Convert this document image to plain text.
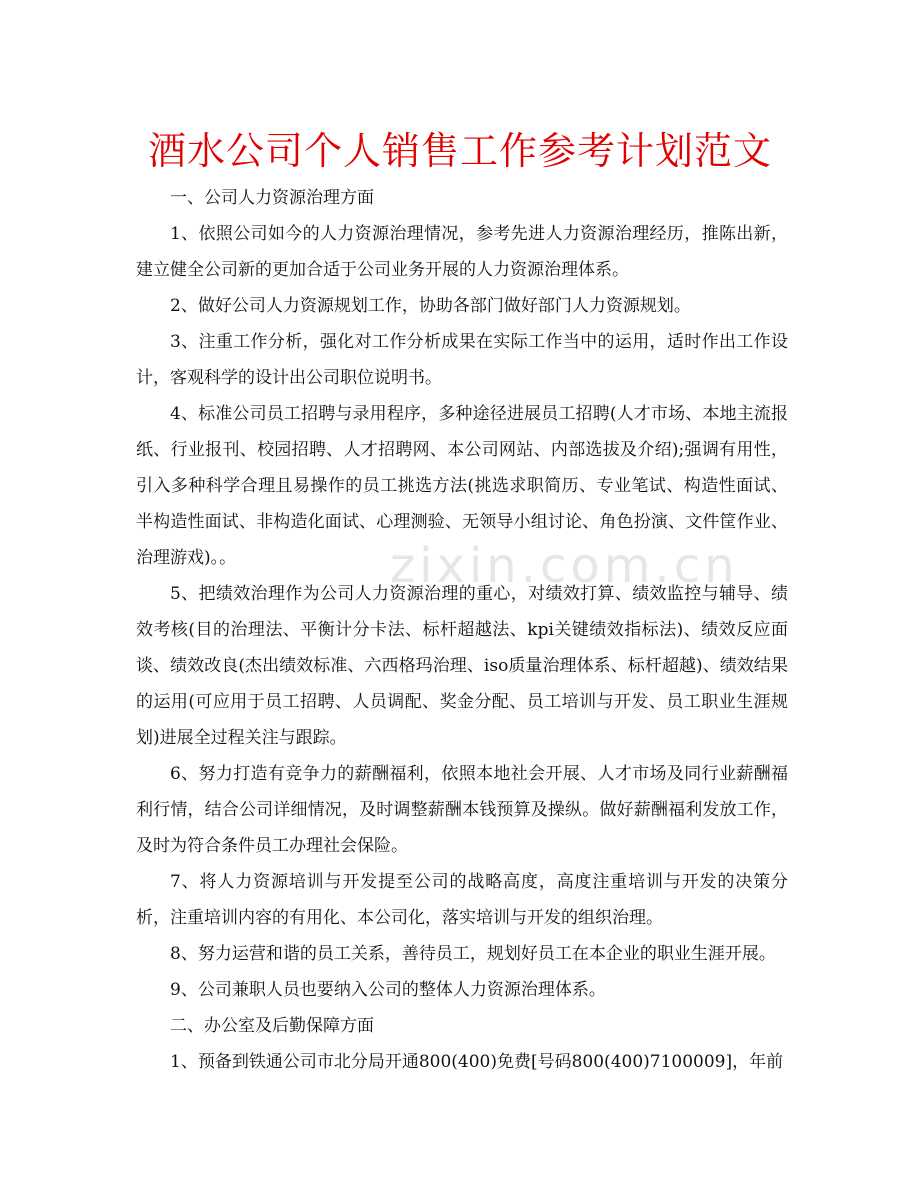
酒水公司个人销售工作参考计划范文
zixin.com.cn

一、公司人力资源治理方面

1、依照公司如今的人力资源治理情况，参考先进人力资源治理经历，推陈出新，建立健全公司新的更加合适于公司业务开展的人力资源治理体系。

2、做好公司人力资源规划工作，协助各部门做好部门人力资源规划。

3、注重工作分析，强化对工作分析成果在实际工作当中的运用，适时作出工作设计，客观科学的设计出公司职位说明书。

4、标准公司员工招聘与录用程序，多种途径进展员工招聘(人才市场、本地主流报纸、行业报刊、校园招聘、人才招聘网、本公司网站、内部选拔及介绍);强调有用性，引入多种科学合理且易操作的员工挑选方法(挑选求职简历、专业笔试、构造性面试、半构造性面试、非构造化面试、心理测验、无领导小组讨论、角色扮演、文件筐作业、治理游戏)。。

5、把绩效治理作为公司人力资源治理的重心，对绩效打算、绩效监控与辅导、绩效考核(目的治理法、平衡计分卡法、标杆超越法、kpi关键绩效指标法)、绩效反应面谈、绩效改良(杰出绩效标准、六西格玛治理、iso质量治理体系、标杆超越)、绩效结果的运用(可应用于员工招聘、人员调配、奖金分配、员工培训与开发、员工职业生涯规划)进展全过程关注与跟踪。

6、努力打造有竞争力的薪酬福利，依照本地社会开展、人才市场及同行业薪酬福利行情，结合公司详细情况，及时调整薪酬本钱预算及操纵。做好薪酬福利发放工作，及时为符合条件员工办理社会保险。

7、将人力资源培训与开发提至公司的战略高度，高度注重培训与开发的决策分析，注重培训内容的有用化、本公司化，落实培训与开发的组织治理。

8、努力运营和谐的员工关系，善待员工，规划好员工在本企业的职业生涯开展。

9、公司兼职人员也要纳入公司的整体人力资源治理体系。

二、办公室及后勤保障方面

1、预备到铁通公司市北分局开通800(400)免费[号码800(400)7100009]，年前
